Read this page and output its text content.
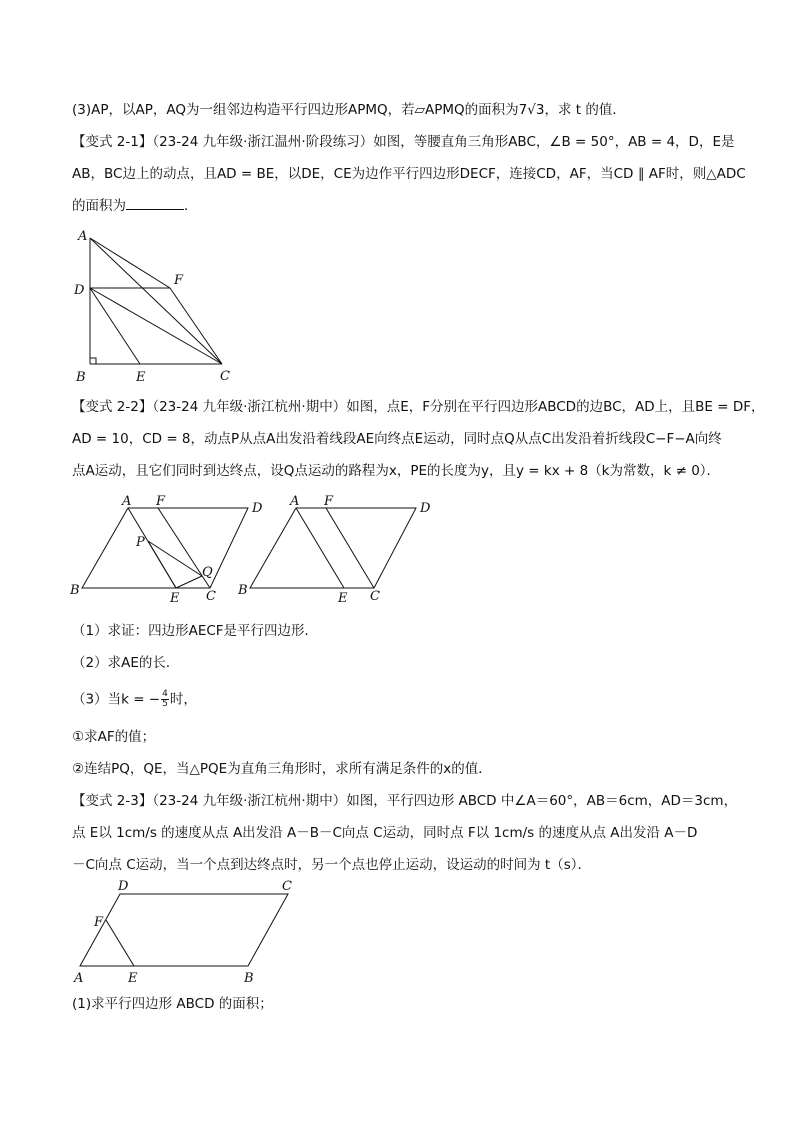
(3)AP，以AP，AQ为一组邻边构造平行四边形APMQ，若▱APMQ的面积为7√3，求 t 的值．
【变式 2-1】（23-24 九年级·浙江温州·阶段练习）如图，等腰直角三角形ABC，∠B = 50°，AB = 4，D，E是
AB，BC边上的动点，且AD = BE，以DE，CE为边作平行四边形DECF，连接CD，AF，当CD ∥ AF时，则△ADC
的面积为	．
A
D
F
B	E	C
【变式 2-2】（23-24 九年级·浙江杭州·期中）如图，点E，F分别在平行四边形ABCD的边BC，AD上，且BE = DF，
AD = 10，CD = 8，动点P从点A出发沿着线段AE向终点E运动，同时点Q从点C出发沿着折线段C−F−A向终
点A运动，且它们同时到达终点，设Q点运动的路程为x，PE的长度为y，且y = kx + 8（k为常数，k ≠ 0）．
A F	D
P
Q
B
E C
A F	D
B
E C
（1）求证：四边形AECF是平行四边形．
（2）求AE的长．
（3）当k = − $\frac{4}{5}$ 时，
①求AF的值；
②连结PQ，QE，当△PQE为直角三角形时，求所有满足条件的x的值．
【变式 2-3】（23-24 九年级·浙江杭州·期中）如图，平行四边形 ABCD 中∠A＝60°，AB＝6cm，AD＝3cm，
点 E以 1cm/s 的速度从点 A出发沿 A－B－C向点 C运动，同时点 F以 1cm/s 的速度从点 A出发沿 A－D
－C向点 C运动，当一个点到达终点时，另一个点也停止运动，设运动的时间为 t（s）．
D	C
F
A	E	B
(1)求平行四边形 ABCD 的面积；
